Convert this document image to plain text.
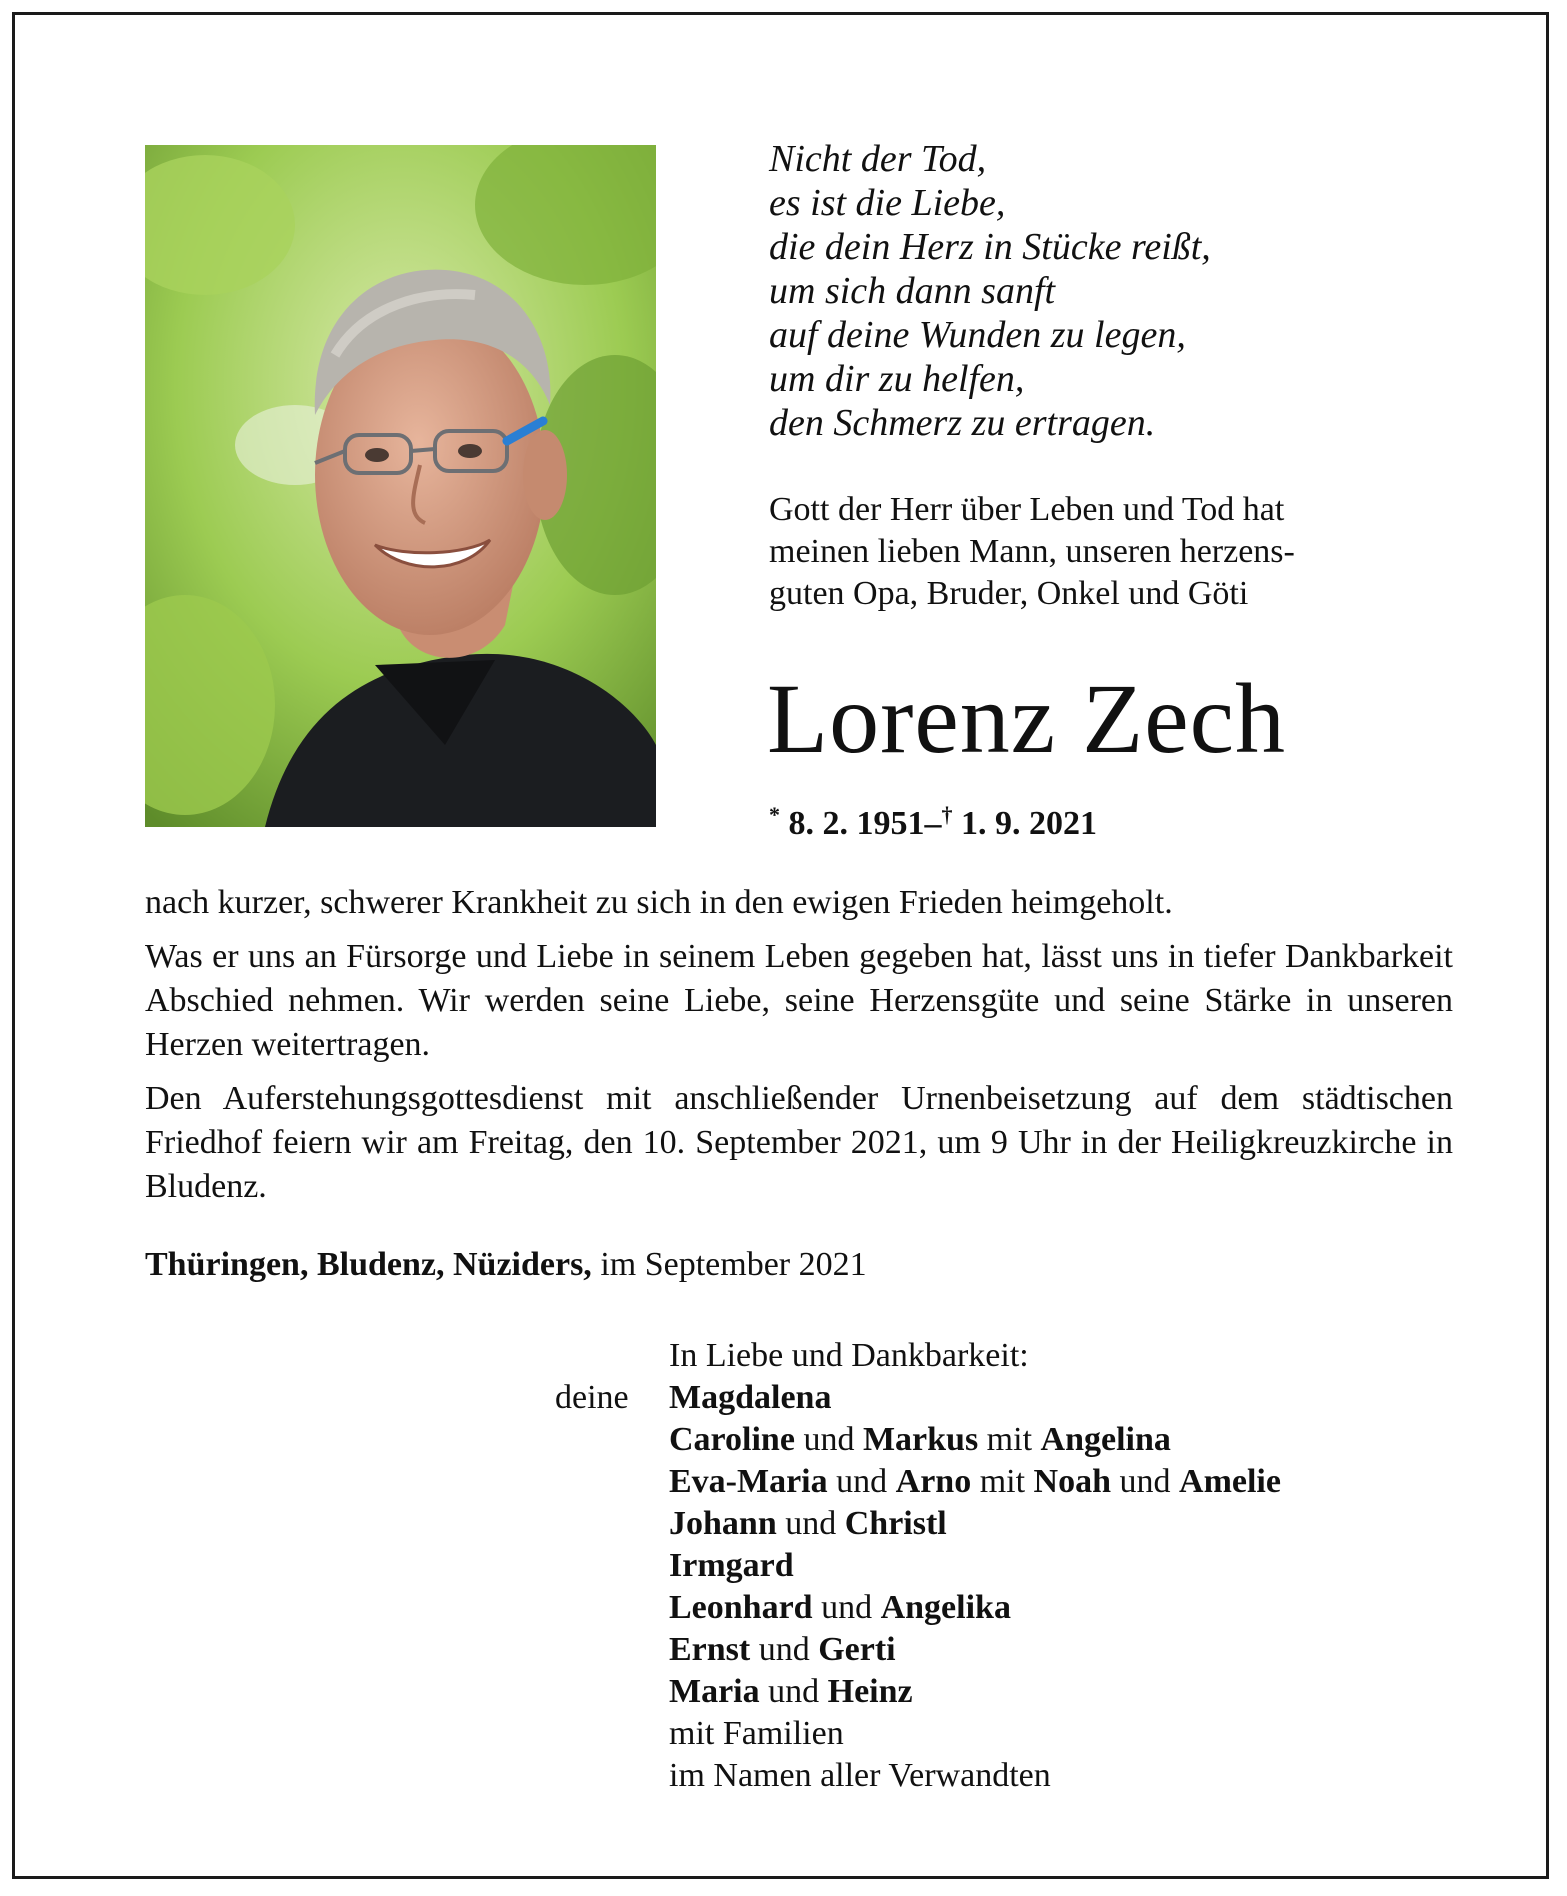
Nicht der Tod,
es ist die Liebe,
die dein Herz in Stücke reißt,
um sich dann sanft
auf deine Wunden zu legen,
um dir zu helfen,
den Schmerz zu ertragen.
Gott der Herr über Leben und Tod hat
meinen lieben Mann, unseren herzens-
guten Opa, Bruder, Onkel und Göti
Lorenz Zech
* 8. 2. 1951–† 1. 9. 2021

nach kurzer, schwerer Krankheit zu sich in den ewigen Frieden heimgeholt.

Was er uns an Fürsorge und Liebe in seinem Leben gegeben hat, lässt uns in tiefer Dankbarkeit Abschied nehmen. Wir werden seine Liebe, seine Herzensgüte und seine Stärke in unseren Herzen weitertragen.

Den Auferstehungsgottesdienst mit anschließender Urnenbeisetzung auf dem städtischen Friedhof feiern wir am Freitag, den 10. September 2021, um 9 Uhr in der Heiligkreuzkirche in Bludenz.

Thüringen, Bludenz, Nüziders, im September 2021
In Liebe und Dankbarkeit:
deine Magdalena
Caroline und Markus mit Angelina
Eva-Maria und Arno mit Noah und Amelie
Johann und Christl
Irmgard
Leonhard und Angelika
Ernst und Gerti
Maria und Heinz
mit Familien
im Namen aller Verwandten
